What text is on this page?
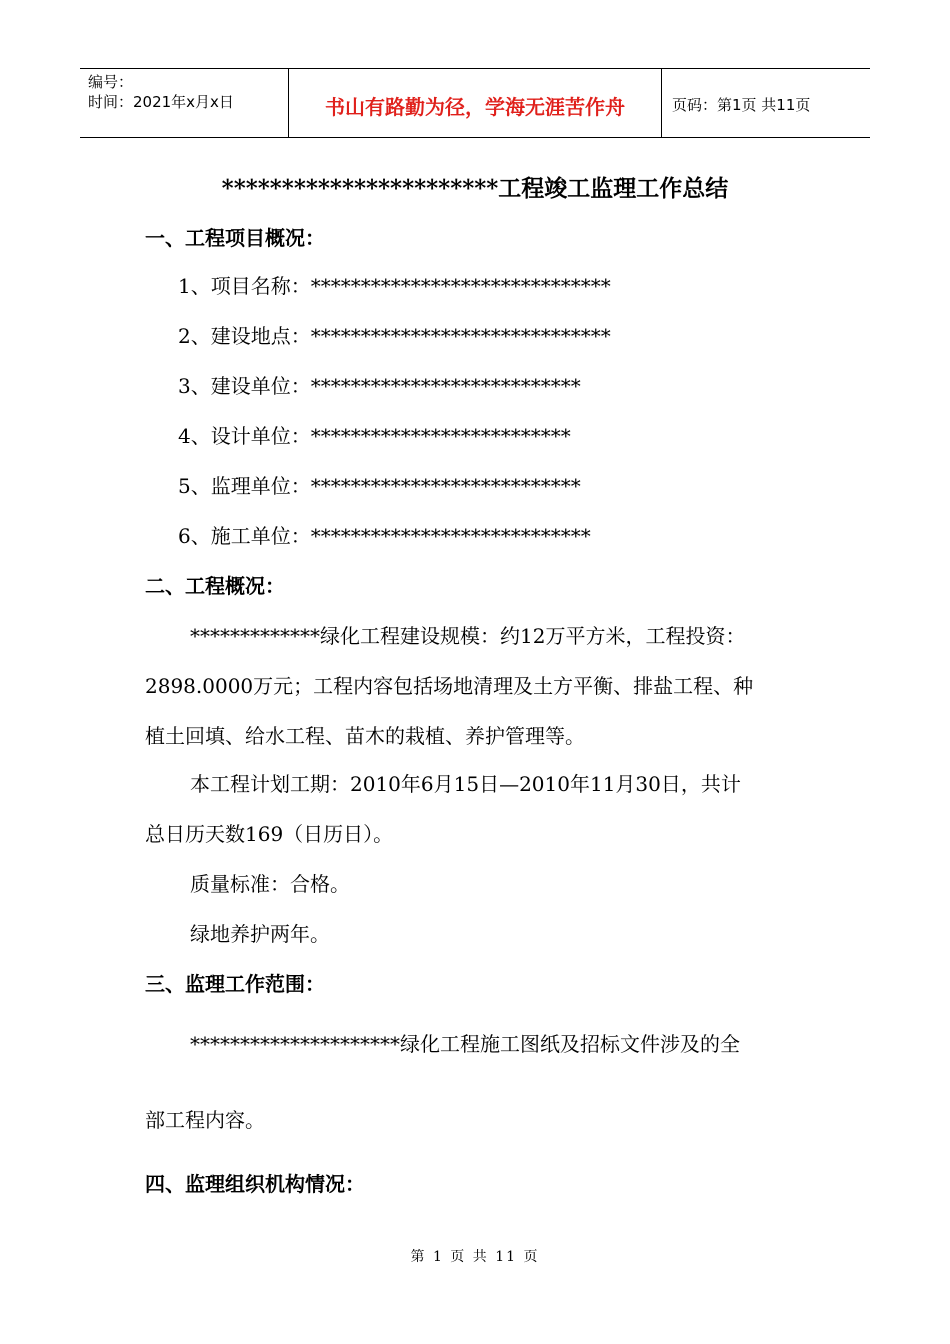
编号：
时间：2021年x月x日	书山有路勤为径，学海无涯苦作舟	页码：第1页 共11页
***********************工程竣工监理工作总结
一、工程项目概况：
1、项目名称：******************************
2、建设地点：******************************
3、建设单位：***************************
4、设计单位：**************************
5、监理单位：***************************
6、施工单位：****************************
二、工程概况：
*************绿化工程建设规模：约12万平方米，工程投资：
2898.0000万元；工程内容包括场地清理及土方平衡、排盐工程、种
植土回填、给水工程、苗木的栽植、养护管理等。
本工程计划工期：2010年6月15日—2010年11月30日，共计
总日历天数169（日历日）。
质量标准：合格。
绿地养护两年。
三、监理工作范围：
*********************绿化工程施工图纸及招标文件涉及的全
部工程内容。
四、监理组织机构情况：
第 1 页 共 11 页
